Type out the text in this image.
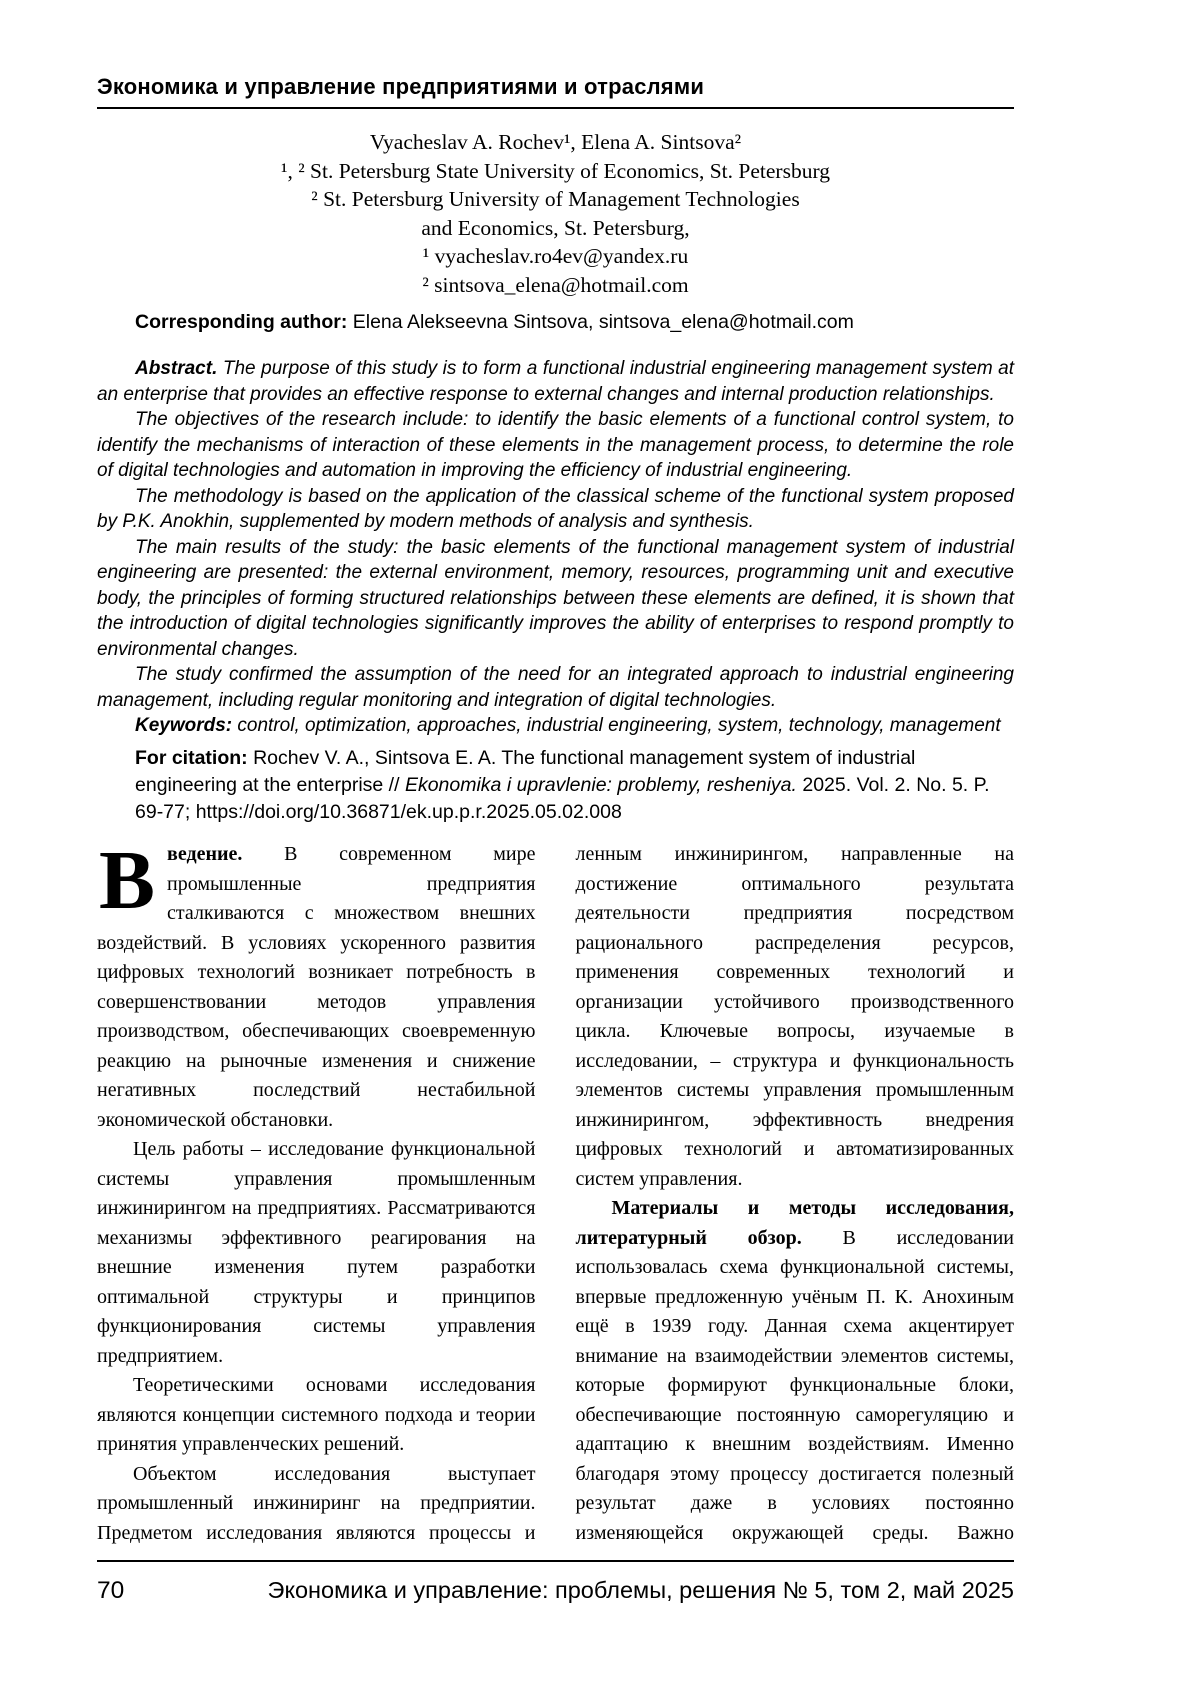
Экономика и управление предприятиями и отраслями
Vyacheslav A. Rochev¹, Elena A. Sintsova²
¹, ² St. Petersburg State University of Economics, St. Petersburg
² St. Petersburg University of Management Technologies
and Economics, St. Petersburg,
¹ vyacheslav.ro4ev@yandex.ru
² sintsova_elena@hotmail.com

Corresponding author: Elena Alekseevna Sintsova, sintsova_elena@hotmail.com

Abstract. The purpose of this study is to form a functional industrial engineering management system at an enterprise that provides an effective response to external changes and internal production relationships.

The objectives of the research include: to identify the basic elements of a functional control system, to identify the mechanisms of interaction of these elements in the management process, to determine the role of digital technologies and automation in improving the efficiency of industrial engineering.

The methodology is based on the application of the classical scheme of the functional system proposed by P.K. Anokhin, supplemented by modern methods of analysis and synthesis.

The main results of the study: the basic elements of the functional management system of industrial engineering are presented: the external environment, memory, resources, programming unit and executive body, the principles of forming structured relationships between these elements are defined, it is shown that the introduction of digital technologies significantly improves the ability of enterprises to respond promptly to environmental changes.

The study confirmed the assumption of the need for an integrated approach to industrial engineering management, including regular monitoring and integration of digital technologies.

Keywords: control, optimization, approaches, industrial engineering, system, technology, management

For citation: Rochev V. A., Sintsova E. A. The functional management system of industrial engineering at the enterprise // Ekonomika i upravlenie: problemy, resheniya. 2025. Vol. 2. No. 5. P. 69-77; https://doi.org/10.36871/ek.up.p.r.2025.05.02.008

Введение. В современном мире промышленные предприятия сталкиваются с множеством внешних воздействий. В условиях ускоренного развития цифровых технологий возникает потребность в совершенствовании методов управления производством, обеспечивающих своевременную реакцию на рыночные изменения и снижение негативных последствий нестабильной экономической обстановки.

Цель работы – исследование функциональной системы управления промышленным инжинирингом на предприятиях. Рассматриваются механизмы эффективного реагирования на внешние изменения путем разработки оптимальной структуры и принципов функционирования системы управления предприятием.

Теоретическими основами исследования являются концепции системного подхода и теории принятия управленческих решений.

Объектом исследования выступает промышленный инжиниринг на предприятии. Предметом исследования являются процессы и

ленным инжинирингом, направленные на достижение оптимального результата деятельности предприятия посредством рационального распределения ресурсов, применения современных технологий и организации устойчивого производственного цикла. Ключевые вопросы, изучаемые в исследовании, – структура и функциональность элементов системы управления промышленным инжинирингом, эффективность внедрения цифровых технологий и автоматизированных систем управления.

Материалы и методы исследования, литературный обзор. В исследовании использовалась схема функциональной системы, впервые предложенную учёным П. К. Анохиным ещё в 1939 году. Данная схема акцентирует внимание на взаимодействии элементов системы, которые формируют функциональные блоки, обеспечивающие постоянную саморегуляцию и адаптацию к внешним воздействиям. Именно благодаря этому процессу достигается полезный результат даже в условиях постоянно изменяющейся окружающей среды. Важно

70	Экономика и управление: проблемы, решения № 5, том 2, май 2025
